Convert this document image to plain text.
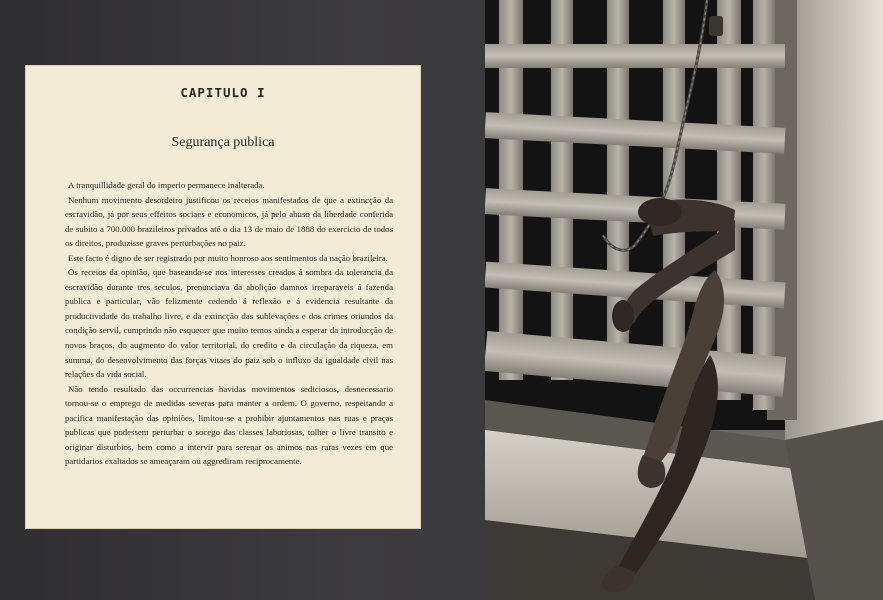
CAPITULO I
Segurança publica

A tranquillidade geral do imperio permanece inalterada.

Nenhum movimento desordeiro justificou os receios manifestados de que a extincção da escravidão, já por seus effeitos sociaes e economicos, já pelo abuso da liberdade conferida de subito a 700.000 brazileiros privados até o dia 13 de maio de 1888 do exercicio de todos os direitos, produzisse graves perturbações no paiz.

Este facto é digno de ser registrado por muito honroso aos sentimentos da nação brazileira.

Os receios da opinião, que baseando-se nos interesses creados á sombra da tolerancia da escravidão durante tres seculos, prenunciava da abolição damnos irreparaveis á fazenda publica e particular, vão felizmente cedendo á reflexão e á evidencia resultante da productividade do trabalho livre, e da extincção das sublevações e dos crimes oriundos da condição servil, cumprindo não esquecer que muito temos ainda a esperar da introducção de novos braços, do augmento do valor territorial, do credito e da circulação da riqueza, em summa, do desenvolvimento das forças vitaes do paiz sob o influxo da igualdade civil nas relações da vida social.

Não tendo resultado das occurrencias havidas movimentos sediciosos, desnecessario tornou-se o emprego de medidas severas para manter a ordem. O governo, respeitando a pacifica manifestação das opiniões, limitou-se a prohibir ajuntamentos nas ruas e praças publicas que podessem perturbar o socego das classes laboriosas, tolher o livre transito e originar disturbios, bem como a intervir para serenar os animos nas raras vezes em que partidarios exaltados se ameaçaram ou aggrediram reciprocamente.
